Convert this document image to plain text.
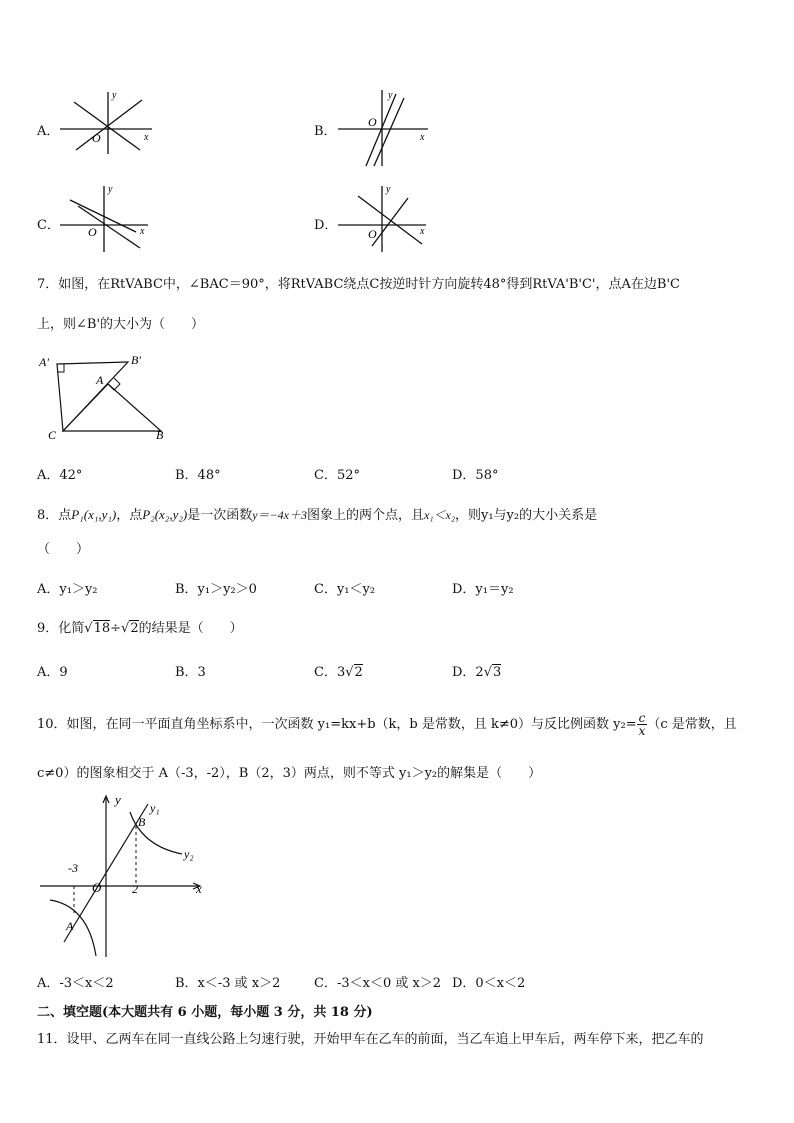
A．
y
x
O	B．
y
x
O
C．
y
x
O	D．
y
x
O
7．如图，在RtVABC中，∠BAC＝90°，将RtVABC绕点C按逆时针方向旋转48°得到RtVA'B'C'，点A在边B'C
上，则∠B'的大小为（　　）
A'	B'
A
C	B
A．42°	B．48°	C．52°	D．58°
8．点P₁(x₁,y₁)，点P₂(x₂,y₂)是一次函数y＝−4x＋3图象上的两个点，且x₁＜x₂，则y₁与y₂的大小关系是
（　　）
A．y₁＞y₂	B．y₁＞y₂＞0	C．y₁＜y₂	D．y₁＝y₂
9．化简√18÷√2的结果是（　　）
A．9	B．3	C．3√2	D．2√3
10．如图，在同一平面直角坐标系中，一次函数 y₁=kx+b（k，b 是常数，且 k≠0）与反比例函数 $y_2= \frac{c}{x} (c$ 是常数，且
c≠0）的图象相交于 A（-3，-2），B（2，3）两点，则不等式 y₁＞y₂的解集是（　　）
y
y₁
B
y₂
-3
O	2	x
A
A．-3＜x＜2	B．x＜-3 或 x＞2	C．-3＜x＜0 或 x＞2 D．0＜x＜2
二、填空题(本大题共有 6 小题，每小题 3 分，共 18 分)
11．设甲、乙两车在同一直线公路上匀速行驶，开始甲车在乙车的前面，当乙车追上甲车后，两车停下来，把乙车的
